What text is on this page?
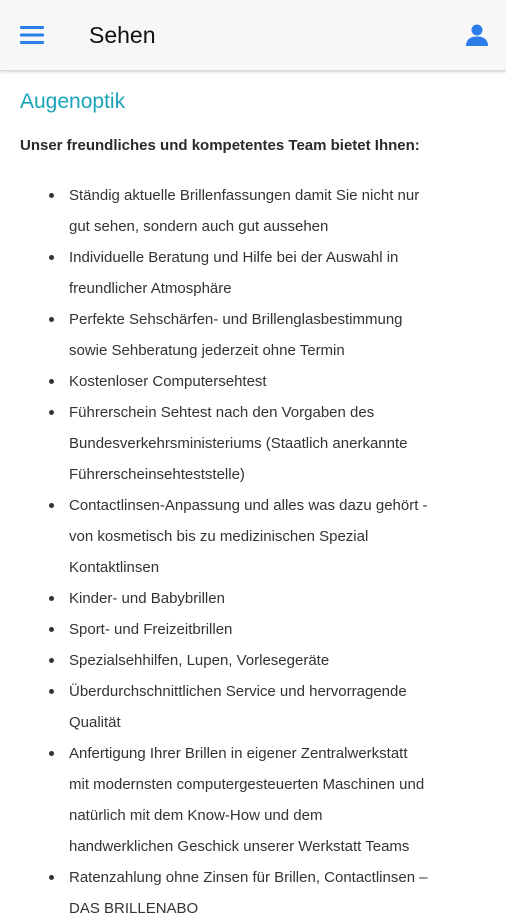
Sehen
Augenoptik

Unser freundliches und kompetentes Team bietet Ihnen:

Ständig aktuelle Brillenfassungen damit Sie nicht nur
gut sehen, sondern auch gut aussehen
Individuelle Beratung und Hilfe bei der Auswahl in
freundlicher Atmosphäre
Perfekte Sehschärfen- und Brillenglasbestimmung
sowie Sehberatung jederzeit ohne Termin
Kostenloser Computersehtest
Führerschein Sehtest nach den Vorgaben des
Bundesverkehrsministeriums (Staatlich anerkannte
Führerscheinsehteststelle)
Contactlinsen-Anpassung und alles was dazu gehört -
von kosmetisch bis zu medizinischen Spezial
Kontaktlinsen
Kinder- und Babybrillen
Sport- und Freizeitbrillen
Spezialsehhilfen, Lupen, Vorlesegeräte
Überdurchschnittlichen Service und hervorragende
Qualität
Anfertigung Ihrer Brillen in eigener Zentralwerkstatt
mit modernsten computergesteuerten Maschinen und
natürlich mit dem Know-How und dem
handwerklichen Geschick unserer Werkstatt Teams
Ratenzahlung ohne Zinsen für Brillen, Contactlinsen –
DAS BRILLENABO
